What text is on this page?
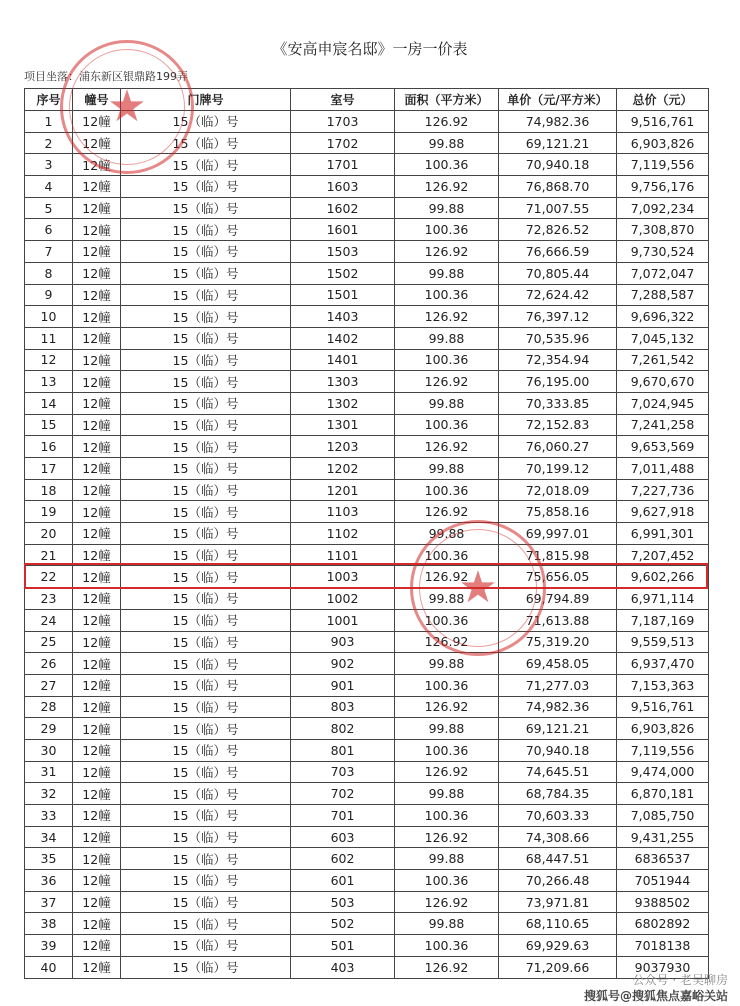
《安高申宸名邸》一房一价表
项目坐落：浦东新区银鼎路199弄
序号	幢号	门牌号	室号	面积（平方米）	单价（元/平方米）	总价（元）
1	12幢	15（临）号	1703	126.92	74,982.36	9,516,761
2	12幢	15（临）号	1702	99.88	69,121.21	6,903,826
3	12幢	15（临）号	1701	100.36	70,940.18	7,119,556
4	12幢	15（临）号	1603	126.92	76,868.70	9,756,176
5	12幢	15（临）号	1602	99.88	71,007.55	7,092,234
6	12幢	15（临）号	1601	100.36	72,826.52	7,308,870
7	12幢	15（临）号	1503	126.92	76,666.59	9,730,524
8	12幢	15（临）号	1502	99.88	70,805.44	7,072,047
9	12幢	15（临）号	1501	100.36	72,624.42	7,288,587
10	12幢	15（临）号	1403	126.92	76,397.12	9,696,322
11	12幢	15（临）号	1402	99.88	70,535.96	7,045,132
12	12幢	15（临）号	1401	100.36	72,354.94	7,261,542
13	12幢	15（临）号	1303	126.92	76,195.00	9,670,670
14	12幢	15（临）号	1302	99.88	70,333.85	7,024,945
15	12幢	15（临）号	1301	100.36	72,152.83	7,241,258
16	12幢	15（临）号	1203	126.92	76,060.27	9,653,569
17	12幢	15（临）号	1202	99.88	70,199.12	7,011,488
18	12幢	15（临）号	1201	100.36	72,018.09	7,227,736
19	12幢	15（临）号	1103	126.92	75,858.16	9,627,918
20	12幢	15（临）号	1102	99.88	69,997.01	6,991,301
21	12幢	15（临）号	1101	100.36	71,815.98	7,207,452
22	12幢	15（临）号	1003	126.92	75,656.05	9,602,266
23	12幢	15（临）号	1002	99.88	69,794.89	6,971,114
24	12幢	15（临）号	1001	100.36	71,613.88	7,187,169
25	12幢	15（临）号	903	126.92	75,319.20	9,559,513
26	12幢	15（临）号	902	99.88	69,458.05	6,937,470
27	12幢	15（临）号	901	100.36	71,277.03	7,153,363
28	12幢	15（临）号	803	126.92	74,982.36	9,516,761
29	12幢	15（临）号	802	99.88	69,121.21	6,903,826
30	12幢	15（临）号	801	100.36	70,940.18	7,119,556
31	12幢	15（临）号	703	126.92	74,645.51	9,474,000
32	12幢	15（临）号	702	99.88	68,784.35	6,870,181
33	12幢	15（临）号	701	100.36	70,603.33	7,085,750
34	12幢	15（临）号	603	126.92	74,308.66	9,431,255
35	12幢	15（临）号	602	99.88	68,447.51	6836537
36	12幢	15（临）号	601	100.36	70,266.48	7051944
37	12幢	15（临）号	503	126.92	73,971.81	9388502
38	12幢	15（临）号	502	99.88	68,110.65	6802892
39	12幢	15（临）号	501	100.36	69,929.63	7018138
40	12幢	15（临）号	403	126.92	71,209.66	9037930
★
★
公众号 · 老吴聊房
搜狐号@搜狐焦点嘉峪关站
